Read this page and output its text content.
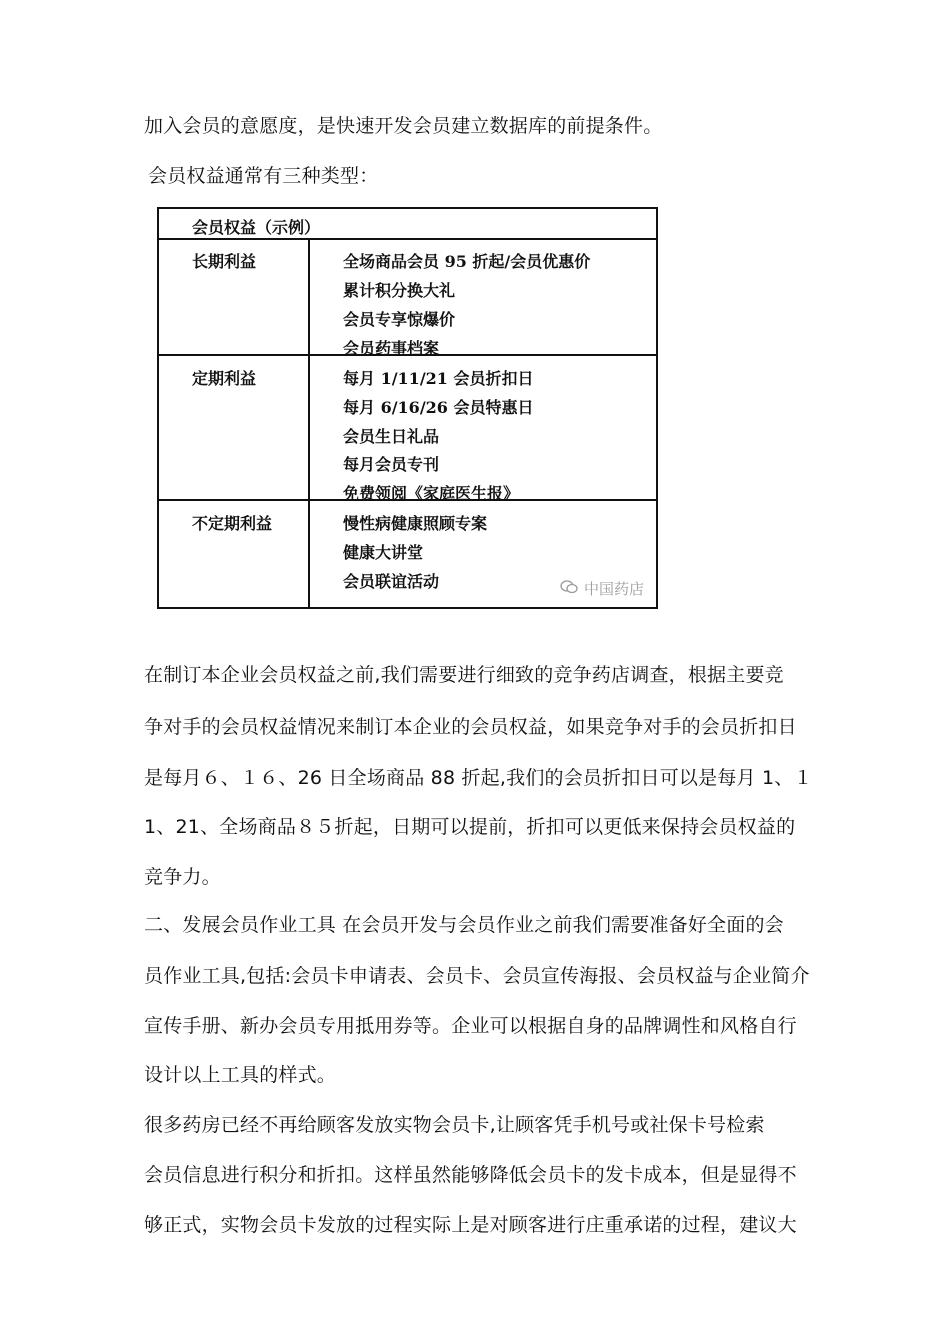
加入会员的意愿度，是快速开发会员建立数据库的前提条件。
会员权益通常有三种类型：
会员权益（示例）
长期利益	全场商品会员 95 折起/会员优惠价
累计积分换大礼
会员专享惊爆价
会员药事档案
定期利益	每月 1/11/21 会员折扣日
每月 6/16/26 会员特惠日
会员生日礼品
每月会员专刊
免费领阅《家庭医生报》
不定期利益	慢性病健康照顾专案
健康大讲堂
会员联谊活动	中国药店
在制订本企业会员权益之前,我们需要进行细致的竞争药店调查，根据主要竞
争对手的会员权益情况来制订本企业的会员权益，如果竞争对手的会员折扣日
是每月６、１６、26 日全场商品 88 折起,我们的会员折扣日可以是每月 1、１
1、21、全场商品８５折起，日期可以提前，折扣可以更低来保持会员权益的
竞争力。
二、发展会员作业工具 在会员开发与会员作业之前我们需要准备好全面的会
员作业工具,包括:会员卡申请表、会员卡、会员宣传海报、会员权益与企业简介
宣传手册、新办会员专用抵用券等。企业可以根据自身的品牌调性和风格自行
设计以上工具的样式。
很多药房已经不再给顾客发放实物会员卡,让顾客凭手机号或社保卡号检索
会员信息进行积分和折扣。这样虽然能够降低会员卡的发卡成本，但是显得不
够正式，实物会员卡发放的过程实际上是对顾客进行庄重承诺的过程，建议大
